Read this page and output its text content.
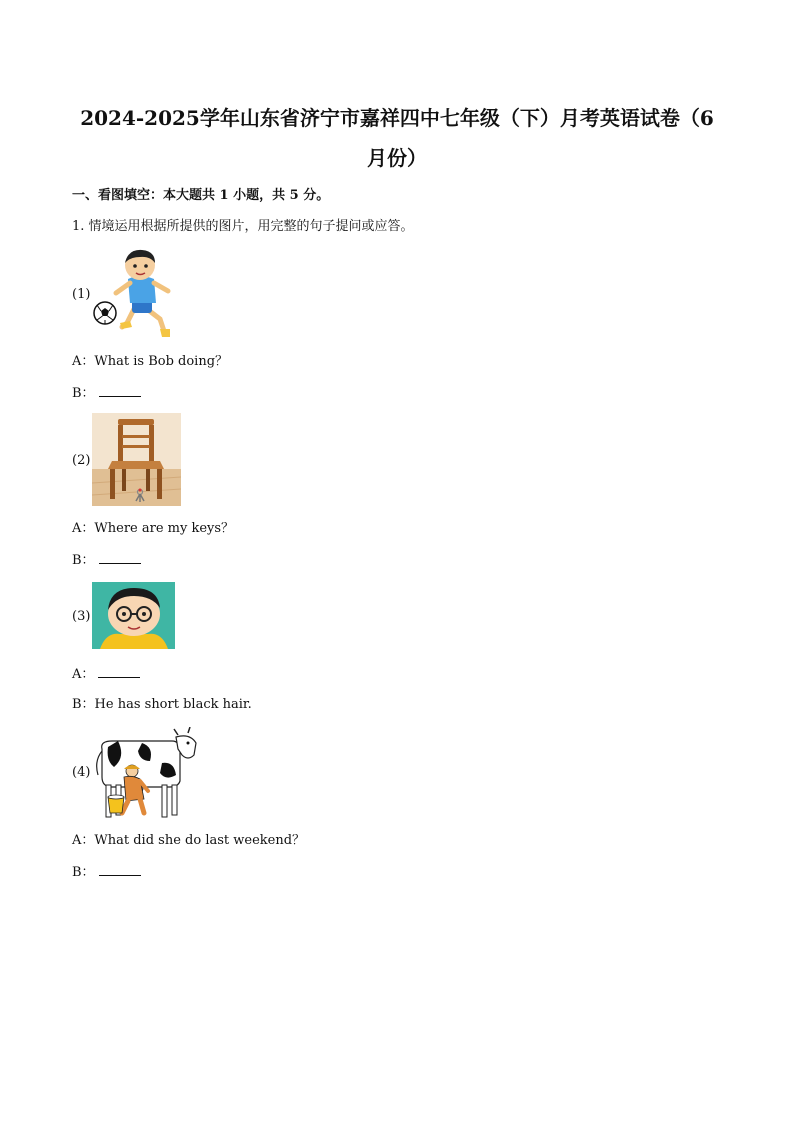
2024-2025学年山东省济宁市嘉祥四中七年级（下）月考英语试卷（6
月份）
一、看图填空：本大题共 1 小题，共 5 分。
1. 情境运用根据所提供的图片，用完整的句子提问或应答。
(1)
A：What is Bob doing？
B：
(2)
A：Where are my keys？
B：
(3)
A：
B：He has short black hair.
(4)
A：What did she do last weekend？
B：
